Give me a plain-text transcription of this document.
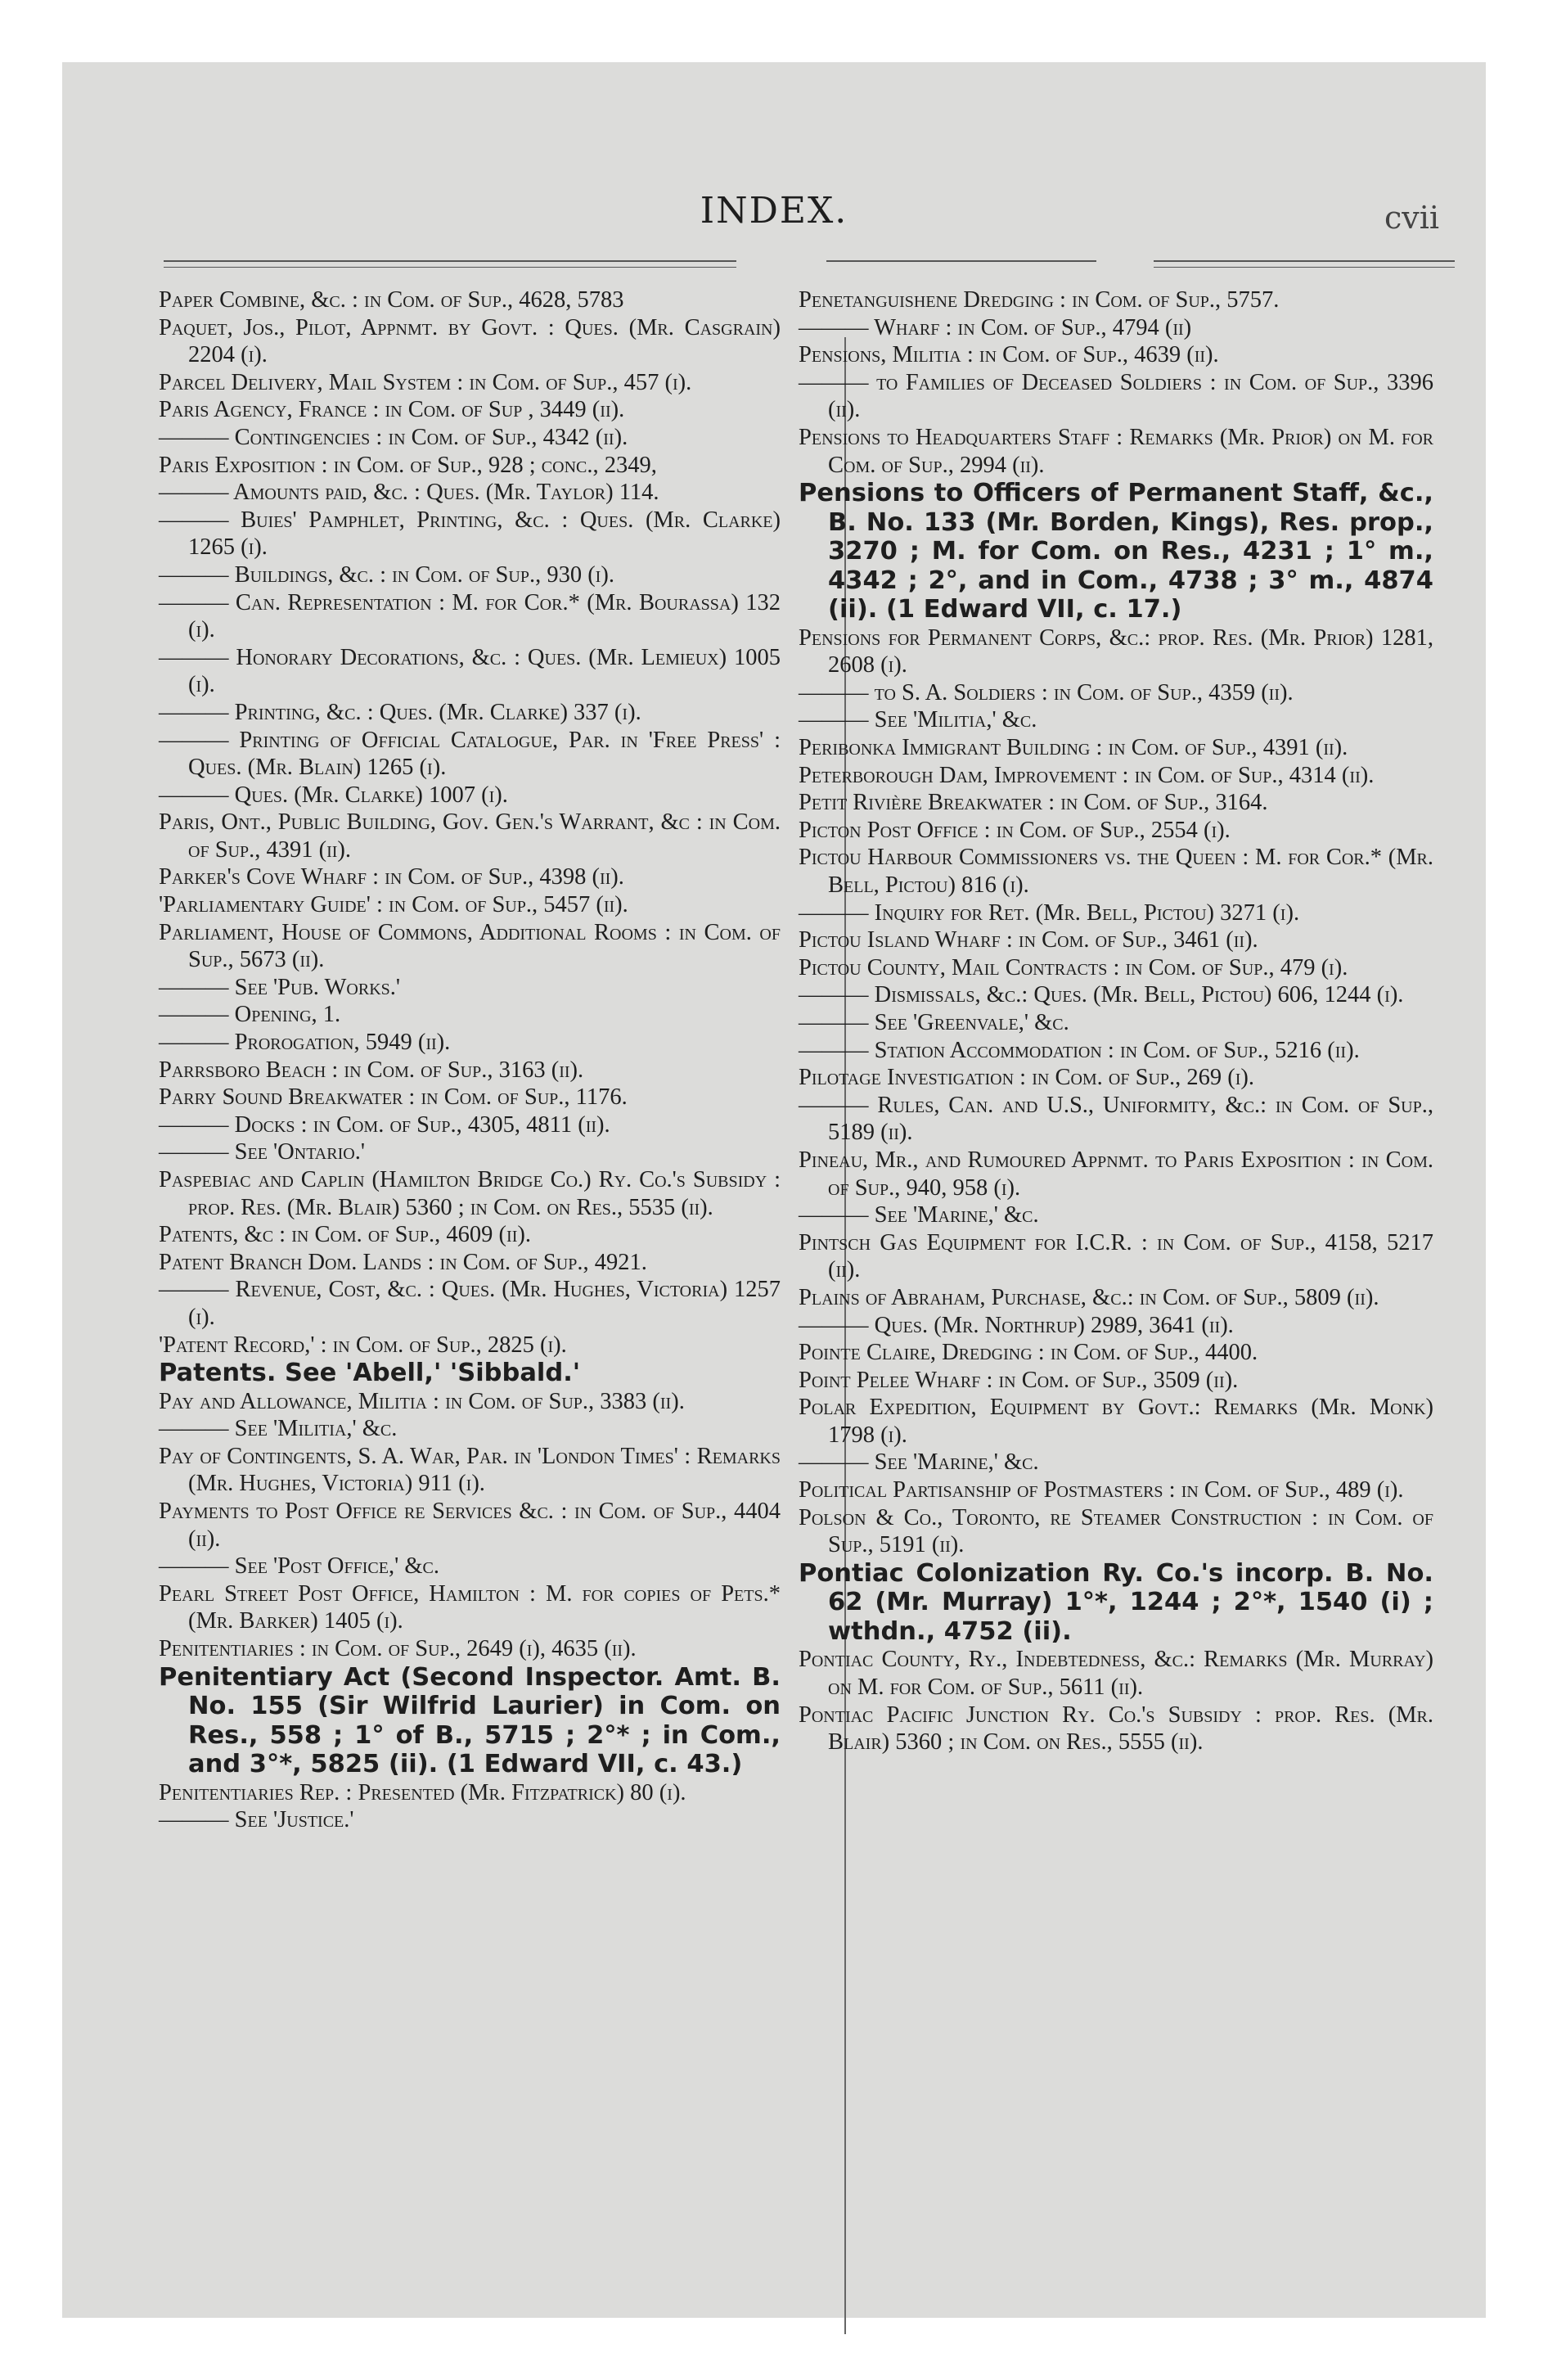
INDEX.	cvii

Paper Combine, &c. : in Com. of Sup., 4628, 5783

Paquet, Jos., Pilot, Appnmt. by Govt. : Ques. (Mr. Casgrain) 2204 (i).

Parcel Delivery, Mail System : in Com. of Sup., 457 (i).

Paris Agency, France : in Com. of Sup , 3449 (ii).

——— Contingencies : in Com. of Sup., 4342 (ii).

Paris Exposition : in Com. of Sup., 928 ; conc., 2349,

——— Amounts paid, &c. : Ques. (Mr. Taylor) 114.

——— Buies' Pamphlet, Printing, &c. : Ques. (Mr. Clarke) 1265 (i).

——— Buildings, &c. : in Com. of Sup., 930 (i).

——— Can. Representation : M. for Cor.* (Mr. Bourassa) 132 (i).

——— Honorary Decorations, &c. : Ques. (Mr. Lemieux) 1005 (i).

——— Printing, &c. : Ques. (Mr. Clarke) 337 (i).

——— Printing of Official Catalogue, Par. in 'Free Press' : Ques. (Mr. Blain) 1265 (i).

——— Ques. (Mr. Clarke) 1007 (i).

Paris, Ont., Public Building, Gov. Gen.'s Warrant, &c : in Com. of Sup., 4391 (ii).

Parker's Cove Wharf : in Com. of Sup., 4398 (ii).

'Parliamentary Guide' : in Com. of Sup., 5457 (ii).

Parliament, House of Commons, Additional Rooms : in Com. of Sup., 5673 (ii).

——— See 'Pub. Works.'

——— Opening, 1.

——— Prorogation, 5949 (ii).

Parrsboro Beach : in Com. of Sup., 3163 (ii).

Parry Sound Breakwater : in Com. of Sup., 1176.

——— Docks : in Com. of Sup., 4305, 4811 (ii).

——— See 'Ontario.'

Paspebiac and Caplin (Hamilton Bridge Co.) Ry. Co.'s Subsidy : prop. Res. (Mr. Blair) 5360 ; in Com. on Res., 5535 (ii).

Patents, &c : in Com. of Sup., 4609 (ii).

Patent Branch Dom. Lands : in Com. of Sup., 4921.

——— Revenue, Cost, &c. : Ques. (Mr. Hughes, Victoria) 1257 (i).

'Patent Record,' : in Com. of Sup., 2825 (i).

Patents. See 'Abell,' 'Sibbald.'

Pay and Allowance, Militia : in Com. of Sup., 3383 (ii).

——— See 'Militia,' &c.

Pay of Contingents, S. A. War, Par. in 'London Times' : Remarks (Mr. Hughes, Victoria) 911 (i).

Payments to Post Office re Services &c. : in Com. of Sup., 4404 (ii).

——— See 'Post Office,' &c.

Pearl Street Post Office, Hamilton : M. for copies of Pets.* (Mr. Barker) 1405 (i).

Penitentiaries : in Com. of Sup., 2649 (i), 4635 (ii).

Penitentiary Act (Second Inspector. Amt. B. No. 155 (Sir Wilfrid Laurier) in Com. on Res., 558 ; 1° of B., 5715 ; 2°* ; in Com., and 3°*, 5825 (ii). (1 Edward VII, c. 43.)

Penitentiaries Rep. : Presented (Mr. Fitzpatrick) 80 (i).

——— See 'Justice.'

Penetanguishene Dredging : in Com. of Sup., 5757.

——— Wharf : in Com. of Sup., 4794 (ii)

Pensions, Militia : in Com. of Sup., 4639 (ii).

——— to Families of Deceased Soldiers : in Com. of Sup., 3396 (ii).

Pensions to Headquarters Staff : Remarks (Mr. Prior) on M. for Com. of Sup., 2994 (ii).

Pensions to Officers of Permanent Staff, &c., B. No. 133 (Mr. Borden, Kings), Res. prop., 3270 ; M. for Com. on Res., 4231 ; 1° m., 4342 ; 2°, and in Com., 4738 ; 3° m., 4874 (ii). (1 Edward VII, c. 17.)

Pensions for Permanent Corps, &c.: prop. Res. (Mr. Prior) 1281, 2608 (i).

——— to S. A. Soldiers : in Com. of Sup., 4359 (ii).

——— See 'Militia,' &c.

Peribonka Immigrant Building : in Com. of Sup., 4391 (ii).

Peterborough Dam, Improvement : in Com. of Sup., 4314 (ii).

Petit Rivière Breakwater : in Com. of Sup., 3164.

Picton Post Office : in Com. of Sup., 2554 (i).

Pictou Harbour Commissioners vs. the Queen : M. for Cor.* (Mr. Bell, Pictou) 816 (i).

——— Inquiry for Ret. (Mr. Bell, Pictou) 3271 (i).

Pictou Island Wharf : in Com. of Sup., 3461 (ii).

Pictou County, Mail Contracts : in Com. of Sup., 479 (i).

——— Dismissals, &c.: Ques. (Mr. Bell, Pictou) 606, 1244 (i).

——— See 'Greenvale,' &c.

——— Station Accommodation : in Com. of Sup., 5216 (ii).

Pilotage Investigation : in Com. of Sup., 269 (i).

——— Rules, Can. and U.S., Uniformity, &c.: in Com. of Sup., 5189 (ii).

Pineau, Mr., and Rumoured Appnmt. to Paris Exposition : in Com. of Sup., 940, 958 (i).

——— See 'Marine,' &c.

Pintsch Gas Equipment for I.C.R. : in Com. of Sup., 4158, 5217 (ii).

Plains of Abraham, Purchase, &c.: in Com. of Sup., 5809 (ii).

——— Ques. (Mr. Northrup) 2989, 3641 (ii).

Pointe Claire, Dredging : in Com. of Sup., 4400.

Point Pelee Wharf : in Com. of Sup., 3509 (ii).

Polar Expedition, Equipment by Govt.: Remarks (Mr. Monk) 1798 (i).

——— See 'Marine,' &c.

Political Partisanship of Postmasters : in Com. of Sup., 489 (i).

Polson & Co., Toronto, re Steamer Construction : in Com. of Sup., 5191 (ii).

Pontiac Colonization Ry. Co.'s incorp. B. No. 62 (Mr. Murray) 1°*, 1244 ; 2°*, 1540 (i) ; wthdn., 4752 (ii).

Pontiac County, Ry., Indebtedness, &c.: Remarks (Mr. Murray) on M. for Com. of Sup., 5611 (ii).

Pontiac Pacific Junction Ry. Co.'s Subsidy : prop. Res. (Mr. Blair) 5360 ; in Com. on Res., 5555 (ii).
